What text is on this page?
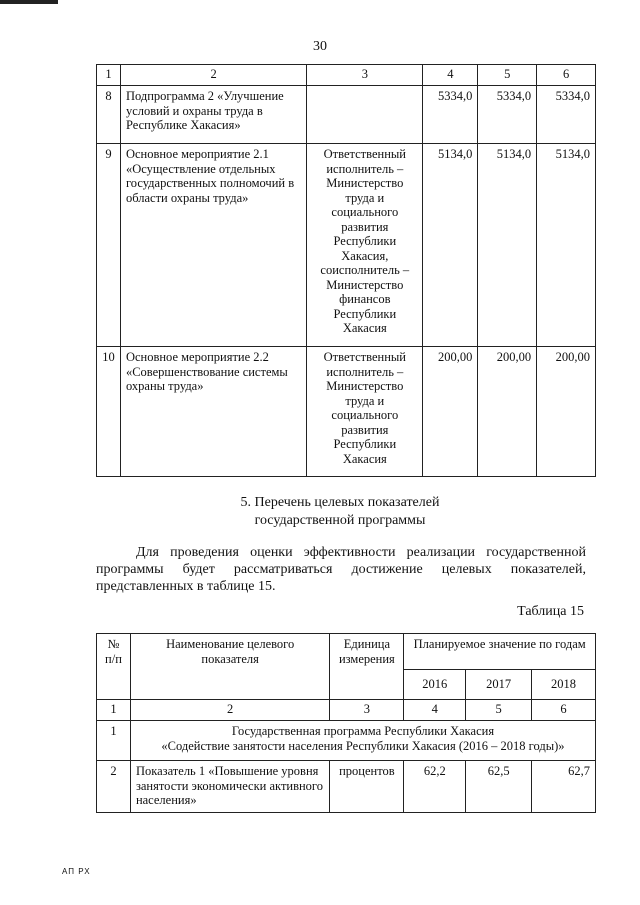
30
1	2	3	4	5	6
8	Подпрограмма 2 «Улучшение условий и охраны труда в Республике Хакасия»		5334,0	5334,0	5334,0
9	Основное мероприятие 2.1 «Осуществление отдельных государственных полномочий в области охраны труда»	Ответственный исполнитель – Министерство труда и социального развития Республики Хакасия, соисполнитель – Министерство финансов Республики Хакасия	5134,0	5134,0	5134,0
10	Основное мероприятие 2.2 «Совершенствование системы охраны труда»	Ответственный исполнитель – Министерство труда и социального развития Республики Хакасия	200,00	200,00	200,00
5. Перечень целевых показателей
государственной программы
Для проведения оценки эффективности реализации государственной программы будет рассматриваться достижение целевых показателей, представленных в таблице 15.
Таблица 15
№ п/п	Наименование целевого показателя	Единица измерения	Планируемое значение по годам		
			2016	2017	2018
1	2	3	4	5	6
1	Государственная программа Республики Хакасия
«Содействие занятости населения Республики Хакасия (2016 – 2018 годы)»				

2	Показатель 1 «Повышение уровня занятости экономически активного населения»	процентов	62,2	62,5	62,7
АП РХ
